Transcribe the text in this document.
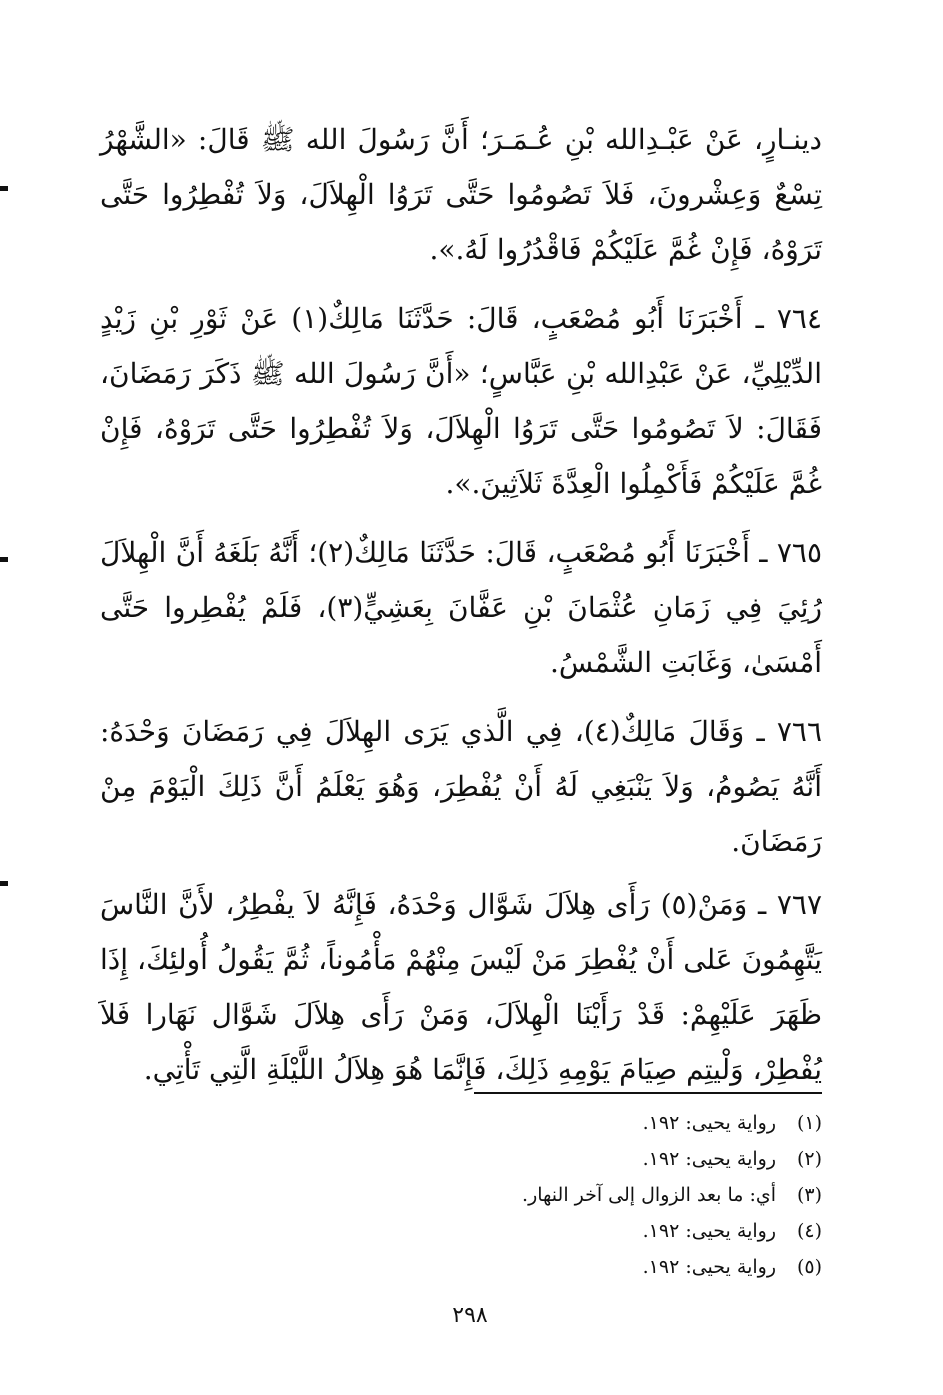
دينـارٍ، عَنْ عَبْـدِالله بْنِ عُـمَـرَ؛ أَنَّ رَسُولَ الله ﷺ قَالَ: «الشَّهْرُ تِسْعٌ وَعِشْرونَ، فَلاَ تَصُومُوا حَتَّى تَرَوُا الْهِلاَلَ، وَلاَ تُفْطِرُوا حَتَّى تَرَوْهُ، فَإِنْ غُمَّ عَلَيْكُمْ فَاقْدُرُوا لَهُ.».

٧٦٤ ـ أَخْبَرَنَا أَبُو مُصْعَبٍ، قَالَ: حَدَّثَنَا مَالِكٌ(١) عَنْ ثَوْرِ بْنِ زَيْدٍ الدِّيْلِيِّ، عَنْ عَبْدِالله بْنِ عَبَّاسٍ؛ «أَنَّ رَسُولَ الله ﷺ ذَكَرَ رَمَضَانَ، فَقَالَ: لاَ تَصُومُوا حَتَّى تَرَوُا الْهِلاَلَ، وَلاَ تُفْطِرُوا حَتَّى تَرَوْهُ، فَإِنْ غُمَّ عَلَيْكُمْ فَأَكْمِلُوا الْعِدَّةَ ثَلاَثِينَ.».

٧٦٥ ـ أَخْبَرَنَا أَبُو مُصْعَبٍ، قَالَ: حَدَّثَنَا مَالِكٌ(٢)؛ أَنَّهُ بَلَغَهُ أَنَّ الْهِلاَلَ رُئِيَ فِي زَمَانِ عُثْمَانَ بْنِ عَفَّانَ بِعَشِيٍّ(٣)، فَلَمْ يُفْطِروا حَتَّى أَمْسَىٰ، وَغَابَتِ الشَّمْسُ.

٧٦٦ ـ وَقَالَ مَالِكٌ(٤)، فِي الَّذي يَرَى الهِلاَلَ فِي رَمَضَانَ وَحْدَهُ: أَنَّهُ يَصُومُ، وَلاَ يَنْبَغِي لَهُ أَنْ يُفْطِرَ، وَهُوَ يَعْلَمُ أَنَّ ذَلِكَ الْيَوْمَ مِنْ رَمَضَانَ.

٧٦٧ ـ وَمَنْ(٥) رَأَى هِلاَلَ شَوَّال وَحْدَهُ، فَإِنَّهُ لاَ يفْطِرُ، لأَنَّ النَّاسَ يَتَّهِمُونَ عَلى أَنْ يُفْطِرَ مَنْ لَيْسَ مِنْهُمْ مَأْمُوناً، ثُمَّ يَقُولُ أُولئِكَ، إِذَا ظَهَرَ عَلَيْهِمْ: قَدْ رَأَيْنَا الْهِلاَلَ، وَمَنْ رَأَى هِلاَلَ شَوَّال نَهَارا فَلاَ يُفْطِرْ، وَلْيتِم صِيَامَ يَوْمِهِ ذَلِكَ، فَإِنَّمَا هُوَ هِلاَلُ اللَّيْلَةِ الَّتِي تَأْتِي.

(١)رواية يحيى: ١٩٢.
(٢)رواية يحيى: ١٩٢.
(٣)أي: ما بعد الزوال إلى آخر النهار.
(٤)رواية يحيى: ١٩٢.
(٥)رواية يحيى: ١٩٢.
٢٩٨
